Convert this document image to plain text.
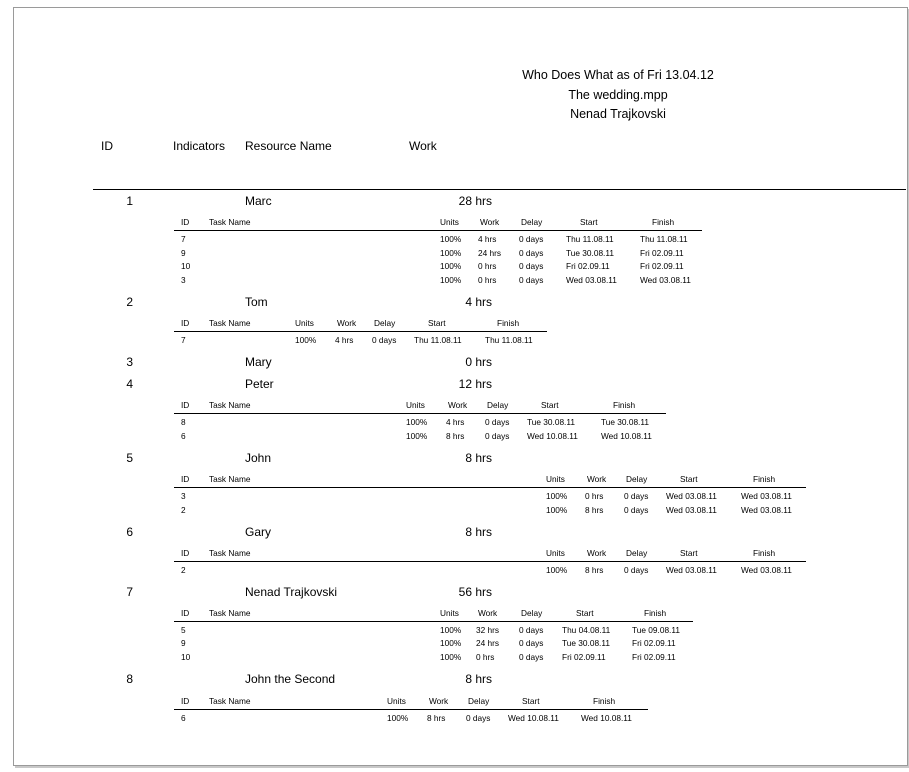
Who Does What as of Fri 13.04.12
The wedding.mpp
Nenad Trajkovski
ID	Indicators Resource Name	Work
1	Marc	28 hrs
ID Task Name	Units	Work	Delay	Start	Finish
7	100% 4 hrs	0 days	Thu 11.08.11	Thu 11.08.11
9	100% 24 hrs 0 days	Tue 30.08.11	Fri 02.09.11
10	100% 0 hrs	0 days	Fri 02.09.11	Fri 02.09.11
3	100% 0 hrs	0 days	Wed 03.08.11	Wed 03.08.11
2	Tom	4 hrs
ID Task Name	Units	Work Delay	Start	Finish
7	100% 4 hrs 0 days Thu 11.08.11	Thu 11.08.11
3	Mary	0 hrs
4	Peter	12 hrs
ID Task Name	Units	Work Delay	Start	Finish
8	100% 4 hrs 0 days Tue 30.08.11	Tue 30.08.11
6	100% 8 hrs 0 days Wed 10.08.11	Wed 10.08.11
5	John	8 hrs
ID Task Name	Units	Work Delay	Start	Finish
3	100% 0 hrs 0 days Wed 03.08.11	Wed 03.08.11
2	100% 8 hrs 0 days Wed 03.08.11	Wed 03.08.11
6	Gary	8 hrs
ID Task Name	Units	Work Delay	Start	Finish
2	100% 8 hrs 0 days Wed 03.08.11	Wed 03.08.11
7	Nenad Trajkovski	56 hrs
ID Task Name	Units Work	Delay	Start	Finish
5	100% 32 hrs 0 days Thu 04.08.11	Tue 09.08.11
9	100% 24 hrs 0 days Tue 30.08.11	Fri 02.09.11
10	100% 0 hrs	0 days Fri 02.09.11	Fri 02.09.11
8	John the Second	8 hrs
ID Task Name	Units	Work Delay	Start	Finish
6	100% 8 hrs 0 days Wed 10.08.11	Wed 10.08.11
